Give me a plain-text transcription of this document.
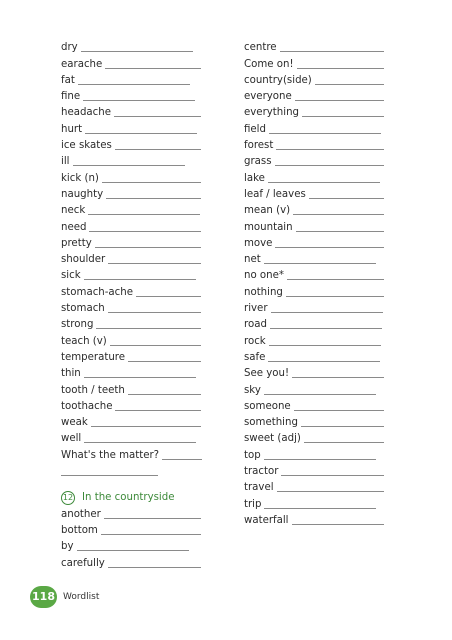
dry
earache
fat
fine
headache
hurt
ice skates
ill
kick (n)
naughty
neck
need
pretty
shoulder
sick
stomach-ache
stomach
strong
teach (v)
temperature
thin
tooth / teeth
toothache
weak
well
What's the matter?
12 In the countryside
another
bottom
by
carefully
centre
Come on!
country(side)
everyone
everything
field
forest
grass
lake
leaf / leaves
mean (v)
mountain
move
net
no one*
nothing
river
road
rock
safe
See you!
sky
someone
something
sweet (adj)
top
tractor
travel
trip
waterfall
118 Wordlist
